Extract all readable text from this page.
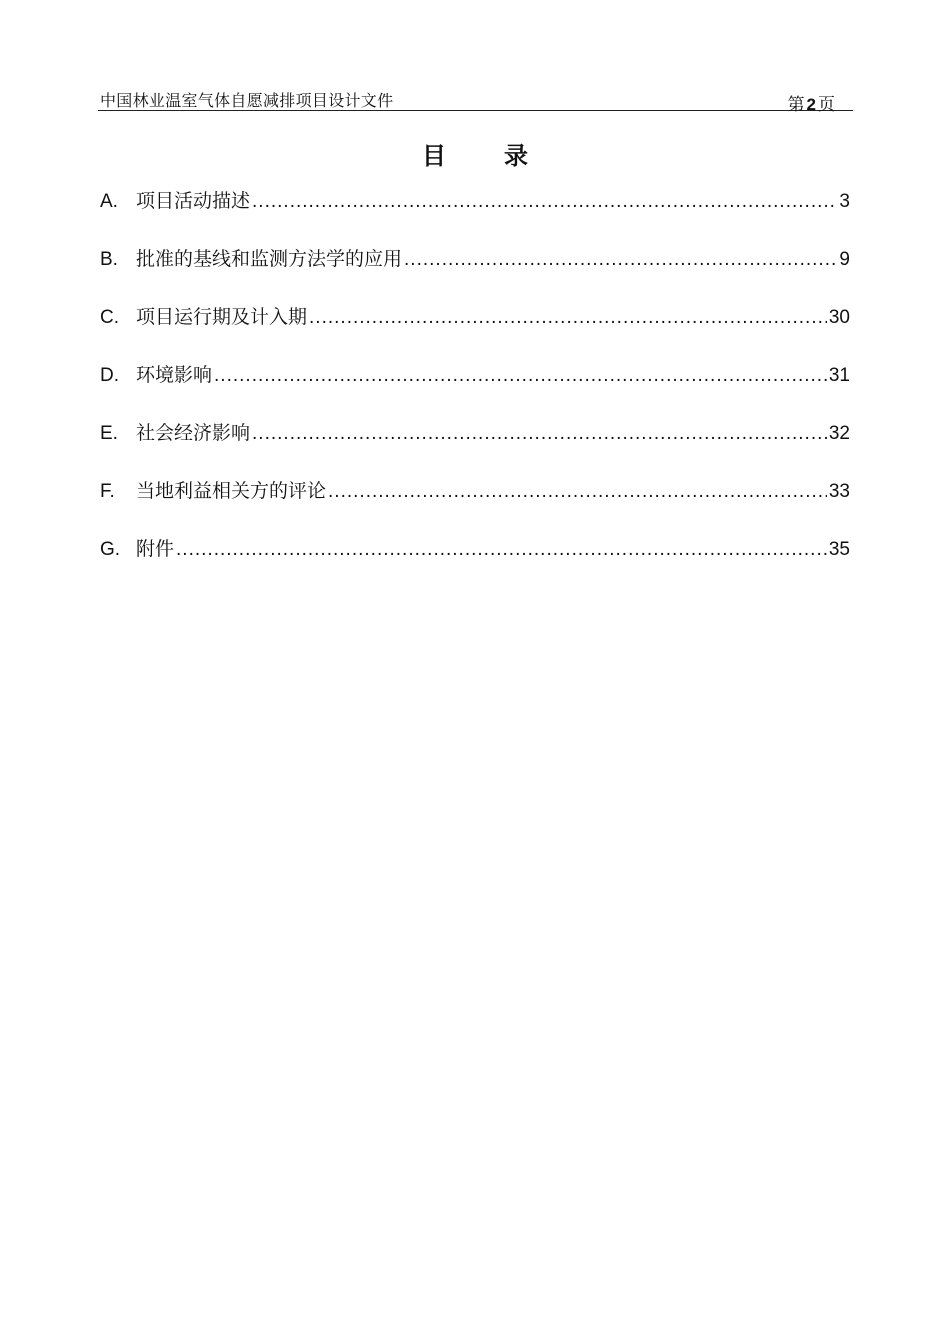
中国林业温室气体自愿减排项目设计文件	第 2 页
目 录
A. 项目活动描述 .....	3
B. 批准的基线和监测方法学的应用 .....	9
C. 项目运行期及计入期 .....	30
D. 环境影响 .....	31
E. 社会经济影响 .....	32
F.	当地利益相关方的评论 .....	33
G. 附件 .....	35
